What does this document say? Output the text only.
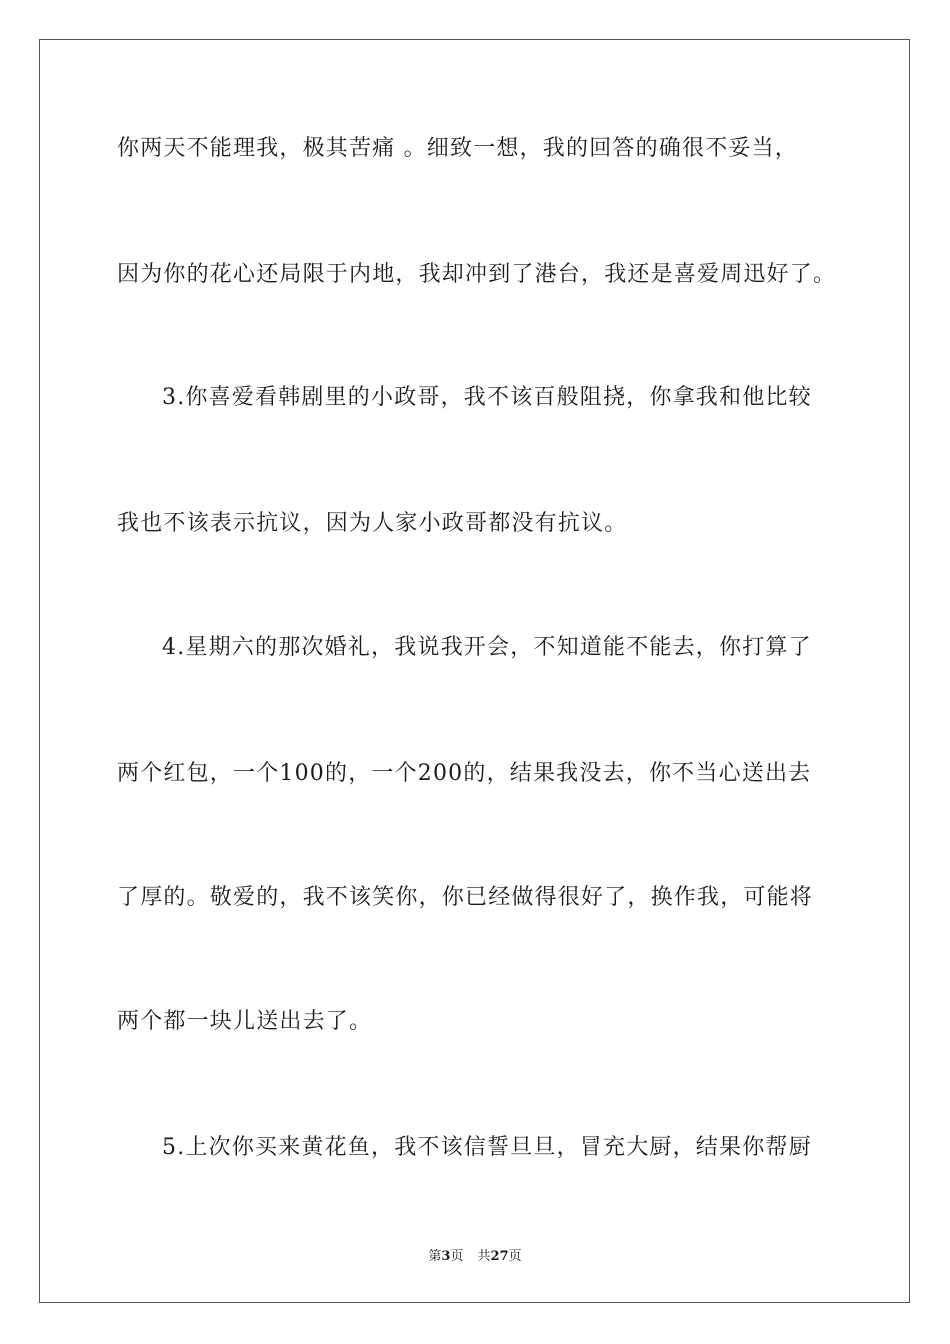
你两天不能理我，极其苦痛 。细致一想，我的回答的确很不妥当，
因为你的花心还局限于内地，我却冲到了港台，我还是喜爱周迅好了。
3.你喜爱看韩剧里的小政哥，我不该百般阻挠，你拿我和他比较
我也不该表示抗议，因为人家小政哥都没有抗议。
4.星期六的那次婚礼，我说我开会，不知道能不能去，你打算了
两个红包，一个100的，一个200的，结果我没去，你不当心送出去
了厚的。敬爱的，我不该笑你，你已经做得很好了，换作我，可能将
两个都一块儿送出去了。
5.上次你买来黄花鱼，我不该信誓旦旦，冒充大厨，结果你帮厨
第3页 共27页
